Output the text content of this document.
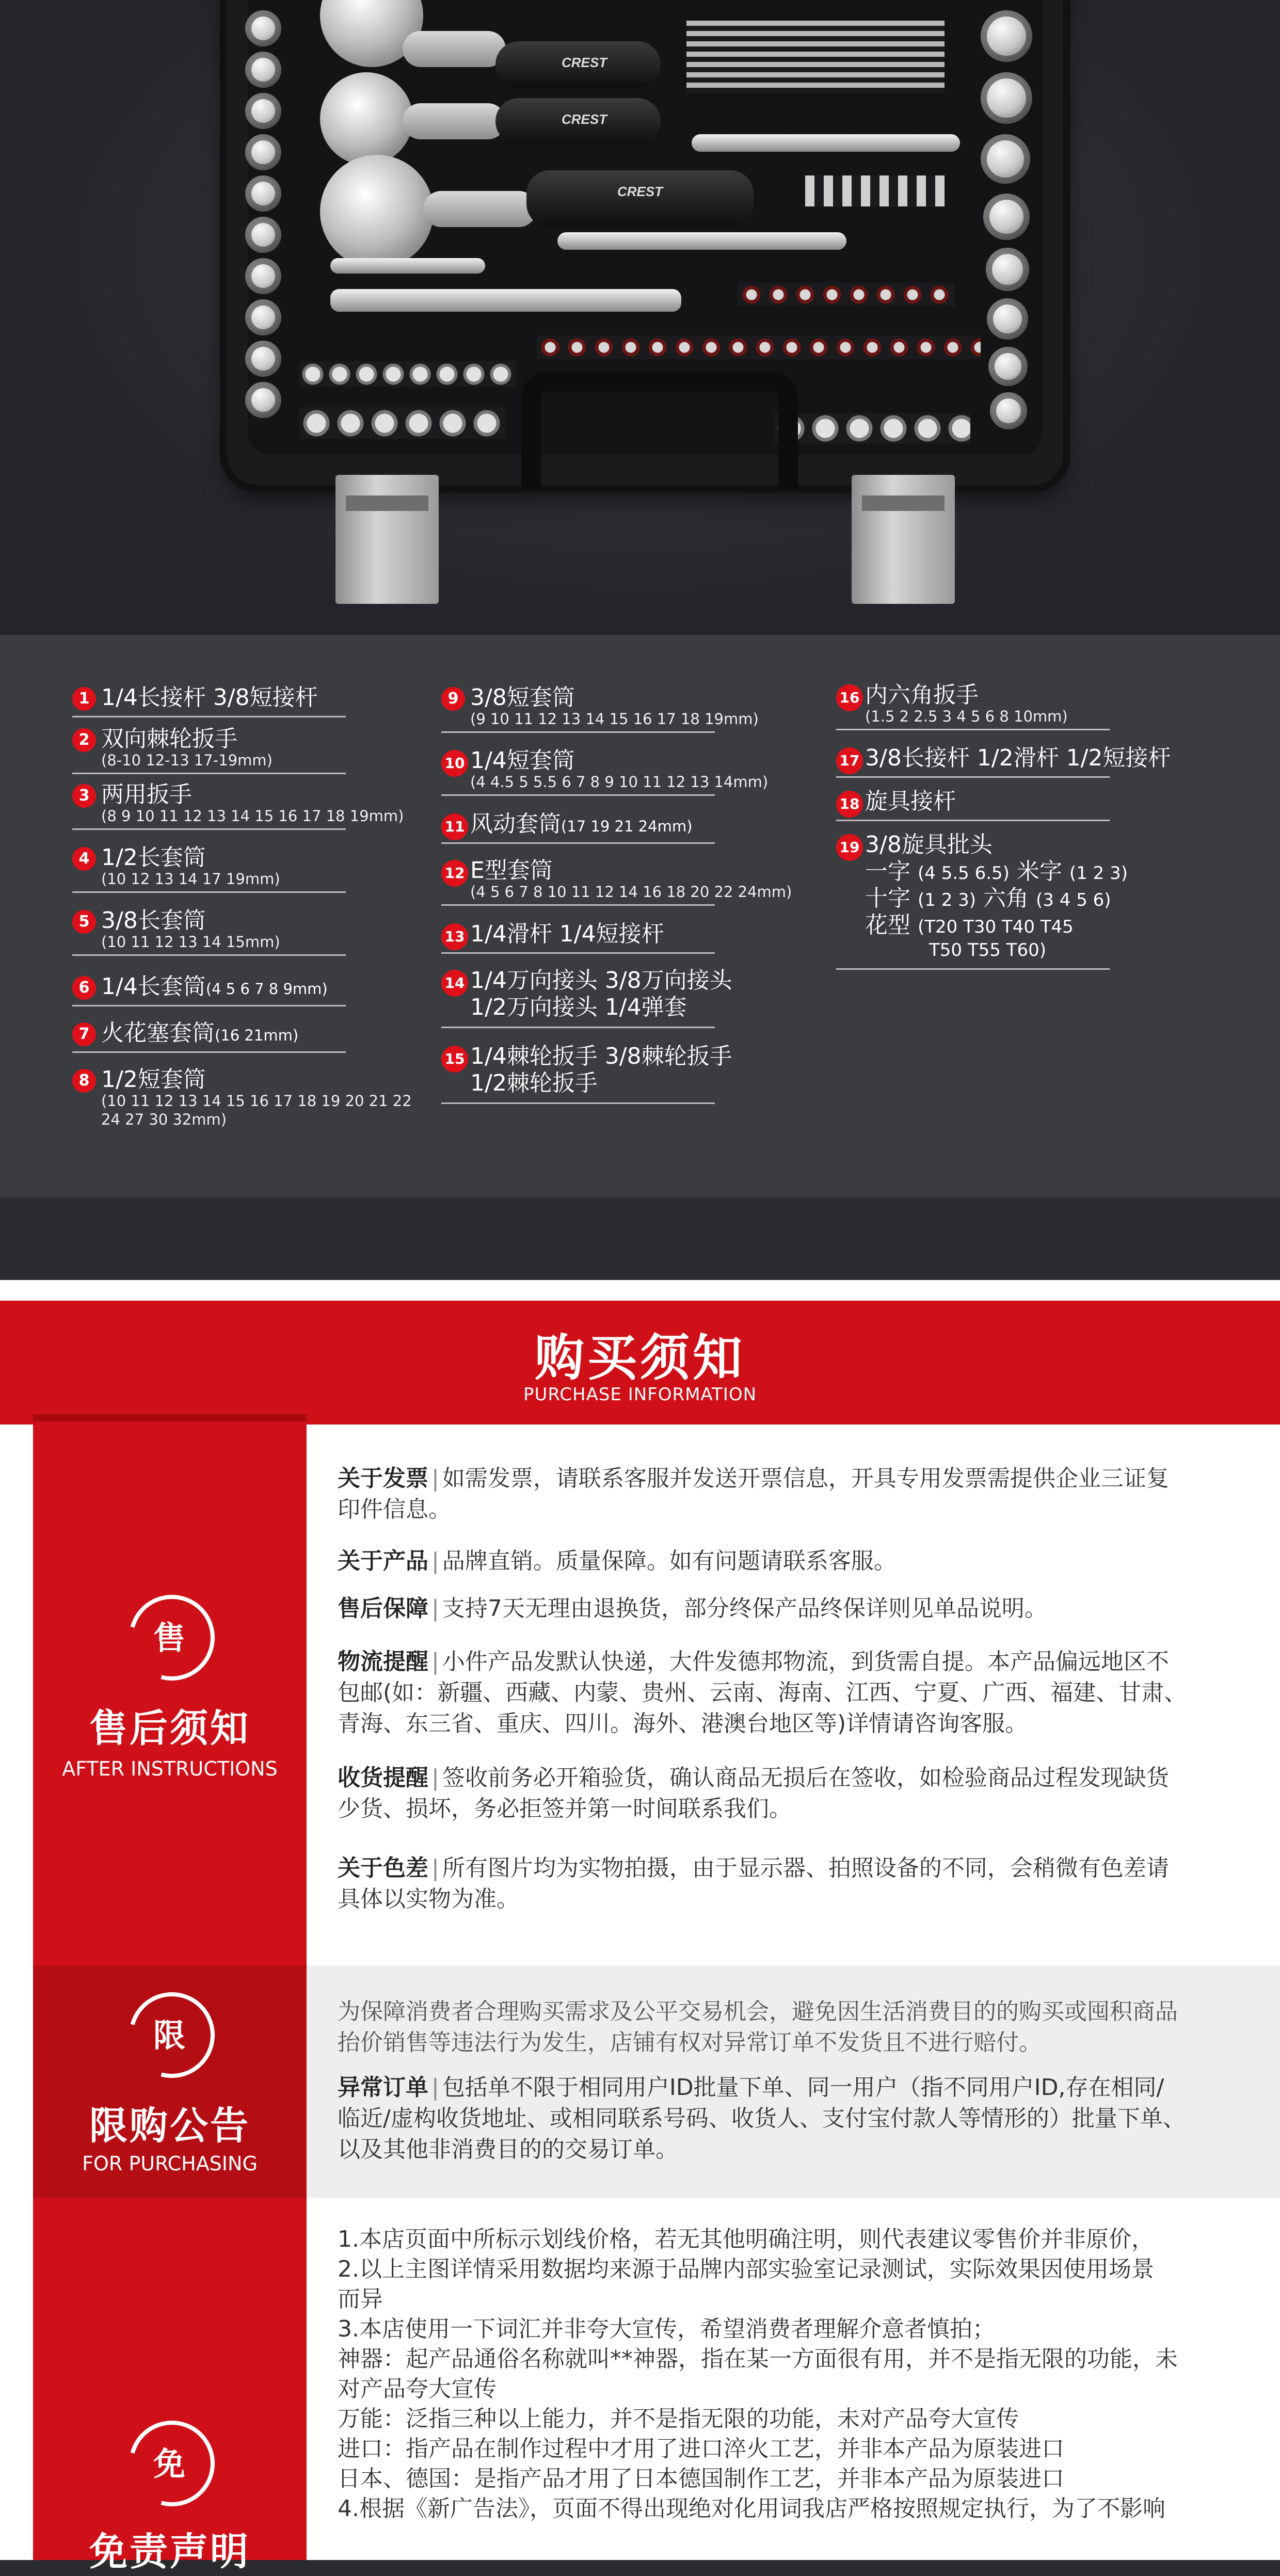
CREST
CREST
CREST
1 1/4长接杆 3/8短接杆
2 双向棘轮扳手
(8-10 12-13 17-19mm)
3 两用扳手
(8 9 10 11 12 13 14 15 16 17 18 19mm)
4 1/2长套筒
(10 12 13 14 17 19mm)
5 3/8长套筒
(10 11 12 13 14 15mm)
6 1/4长套筒(4 5 6 7 8 9mm)
7 火花塞套筒(16 21mm)
8 1/2短套筒
(10 11 12 13 14 15 16 17 18 19 20 21 22
24 27 30 32mm)
9 3/8短套筒
(9 10 11 12 13 14 15 16 17 18 19mm)
10 1/4短套筒
(4 4.5 5 5.5 6 7 8 9 10 11 12 13 14mm)
11 风动套筒(17 19 21 24mm)
12 E型套筒
(4 5 6 7 8 10 11 12 14 16 18 20 22 24mm)
13 1/4滑杆 1/4短接杆
14 1/4万向接头 3/8万向接头
1/2万向接头 1/4弹套
15 1/4棘轮扳手 3/8棘轮扳手
1/2棘轮扳手
16 内六角扳手
(1.5 2 2.5 3 4 5 6 8 10mm)
17 3/8长接杆 1/2滑杆 1/2短接杆
18 旋具接杆
19 3/8旋具批头
一字 (4 5.5 6.5) 米字 (1 2 3)
十字 (1 2 3) 六角 (3 4 5 6)
花型 (T20 T30 T40 T45
T50 T55 T60)
购买须知
PURCHASE INFORMATION
售
售后须知
AFTER INSTRUCTIONS
关于发票 | 如需发票，请联系客服并发送开票信息，开具专用发票需提供企业三证复
印件信息。
关于产品 | 品牌直销。质量保障。如有问题请联系客服。
售后保障 | 支持7天无理由退换货，部分终保产品终保详则见单品说明。
物流提醒 | 小件产品发默认快递，大件发德邦物流，到货需自提。本产品偏远地区不
包邮(如：新疆、西藏、内蒙、贵州、云南、海南、江西、宁夏、广西、福建、甘肃、
青海、东三省、重庆、四川。海外、港澳台地区等)详情请咨询客服。
收货提醒 | 签收前务必开箱验货，确认商品无损后在签收，如检验商品过程发现缺货
少货、损坏，务必拒签并第一时间联系我们。
关于色差 | 所有图片均为实物拍摄，由于显示器、拍照设备的不同，会稍微有色差请
具体以实物为准。
限
限购公告
FOR PURCHASING
为保障消费者合理购买需求及公平交易机会，避免因生活消费目的的购买或囤积商品
抬价销售等违法行为发生，店铺有权对异常订单不发货且不进行赔付。
异常订单 | 包括单不限于相同用户ID批量下单、同一用户（指不同用户ID,存在相同/
临近/虚构收货地址、或相同联系号码、收货人、支付宝付款人等情形的）批量下单、
以及其他非消费目的的交易订单。
免
免责声明
1.本店页面中所标示划线价格，若无其他明确注明，则代表建议零售价并非原价，
2.以上主图详情采用数据均来源于品牌内部实验室记录测试，实际效果因使用场景
而异
3.本店使用一下词汇并非夸大宣传，希望消费者理解介意者慎拍；
神器：起产品通俗名称就叫**神器，指在某一方面很有用，并不是指无限的功能，未
对产品夸大宣传
万能：泛指三种以上能力，并不是指无限的功能，未对产品夸大宣传
进口：指产品在制作过程中才用了进口淬火工艺，并非本产品为原装进口
日本、德国：是指产品才用了日本德国制作工艺，并非本产品为原装进口
4.根据《新广告法》，页面不得出现绝对化用词我店严格按照规定执行，为了不影响
